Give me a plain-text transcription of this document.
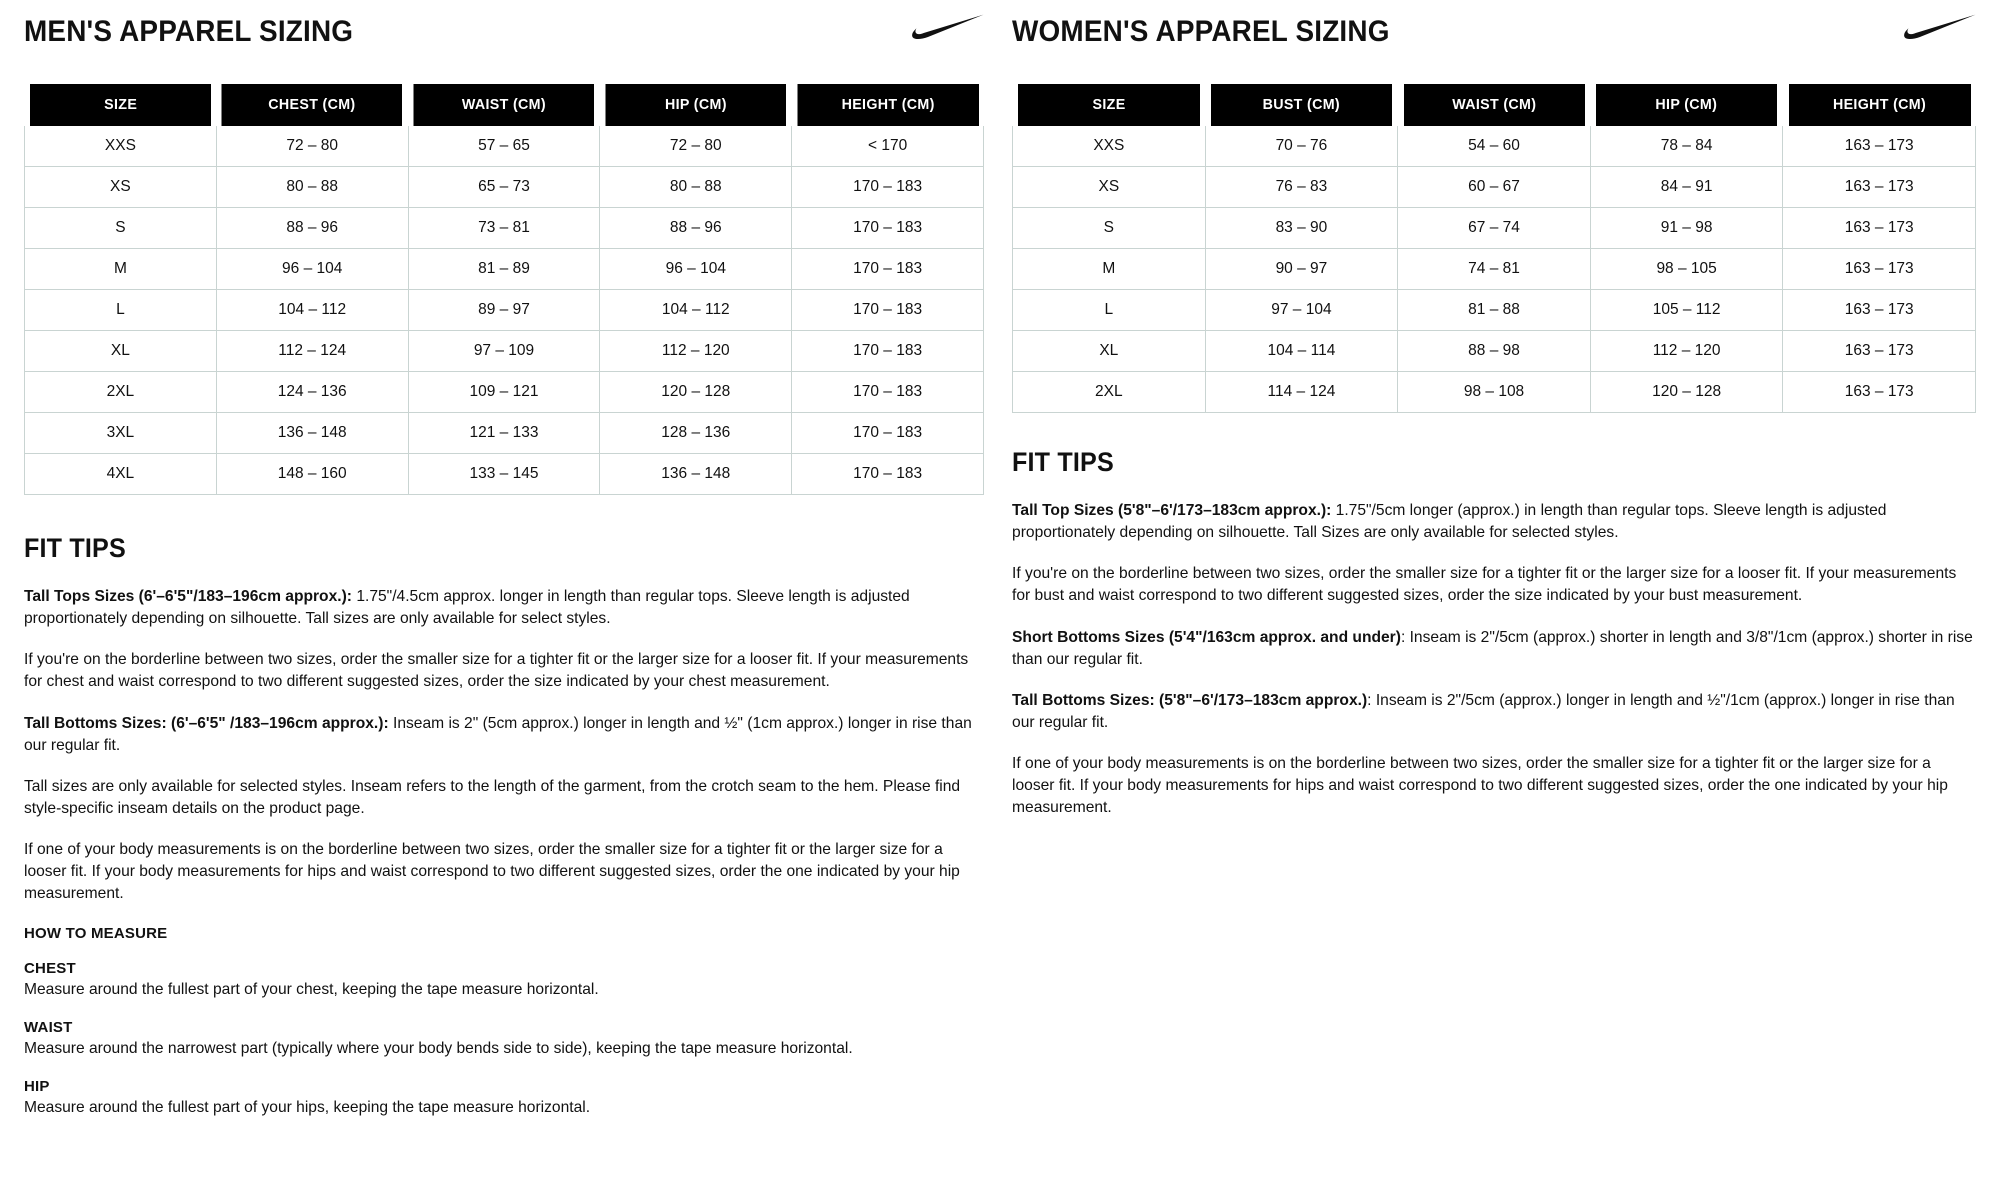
MEN'S APPAREL SIZING
SIZE	CHEST (CM)	WAIST (CM)	HIP (CM)	HEIGHT (CM)
XXS	72 – 80	57 – 65	72 – 80	< 170
XS	80 – 88	65 – 73	80 – 88	170 – 183
S	88 – 96	73 – 81	88 – 96	170 – 183
M	96 – 104	81 – 89	96 – 104	170 – 183
L	104 – 112	89 – 97	104 – 112	170 – 183
XL	112 – 124	97 – 109	112 – 120	170 – 183
2XL	124 – 136	109 – 121	120 – 128	170 – 183
3XL	136 – 148	121 – 133	128 – 136	170 – 183
4XL	148 – 160	133 – 145	136 – 148	170 – 183
FIT TIPS

Tall Tops Sizes (6'–6'5"/183–196cm approx.): 1.75"/4.5cm approx. longer in length than regular tops. Sleeve length is adjusted proportionately depending on silhouette. Tall sizes are only available for select styles.

If you're on the borderline between two sizes, order the smaller size for a tighter fit or the larger size for a looser fit. If your measurements for chest and waist correspond to two different suggested sizes, order the size indicated by your chest measurement.

Tall Bottoms Sizes: (6'–6'5" /183–196cm approx.): Inseam is 2" (5cm approx.) longer in length and ½" (1cm approx.) longer in rise than our regular fit.

Tall sizes are only available for selected styles. Inseam refers to the length of the garment, from the crotch seam to the hem. Please find style-specific inseam details on the product page.

If one of your body measurements is on the borderline between two sizes, order the smaller size for a tighter fit or the larger size for a looser fit. If your body measurements for hips and waist correspond to two different suggested sizes, order the one indicated by your hip measurement.

HOW TO MEASURE
CHEST

Measure around the fullest part of your chest, keeping the tape measure horizontal.

WAIST

Measure around the narrowest part (typically where your body bends side to side), keeping the tape measure horizontal.

HIP

Measure around the fullest part of your hips, keeping the tape measure horizontal.

WOMEN'S APPAREL SIZING
SIZE	BUST (CM)	WAIST (CM)	HIP (CM)	HEIGHT (CM)
XXS	70 – 76	54 – 60	78 – 84	163 – 173
XS	76 – 83	60 – 67	84 – 91	163 – 173
S	83 – 90	67 – 74	91 – 98	163 – 173
M	90 – 97	74 – 81	98 – 105	163 – 173
L	97 – 104	81 – 88	105 – 112	163 – 173
XL	104 – 114	88 – 98	112 – 120	163 – 173
2XL	114 – 124	98 – 108	120 – 128	163 – 173
FIT TIPS

Tall Top Sizes (5'8"–6'/173–183cm approx.): 1.75"/5cm longer (approx.) in length than regular tops. Sleeve length is adjusted proportionately depending on silhouette. Tall Sizes are only available for selected styles.

If you're on the borderline between two sizes, order the smaller size for a tighter fit or the larger size for a looser fit. If your measurements for bust and waist correspond to two different suggested sizes, order the size indicated by your bust measurement.

Short Bottoms Sizes (5'4"/163cm approx. and under): Inseam is 2"/5cm (approx.) shorter in length and 3/8"/1cm (approx.) shorter in rise than our regular fit.

Tall Bottoms Sizes: (5'8"–6'/173–183cm approx.): Inseam is 2"/5cm (approx.) longer in length and ½"/1cm (approx.) longer in rise than our regular fit.

If one of your body measurements is on the borderline between two sizes, order the smaller size for a tighter fit or the larger size for a looser fit. If your body measurements for hips and waist correspond to two different suggested sizes, order the one indicated by your hip measurement.
